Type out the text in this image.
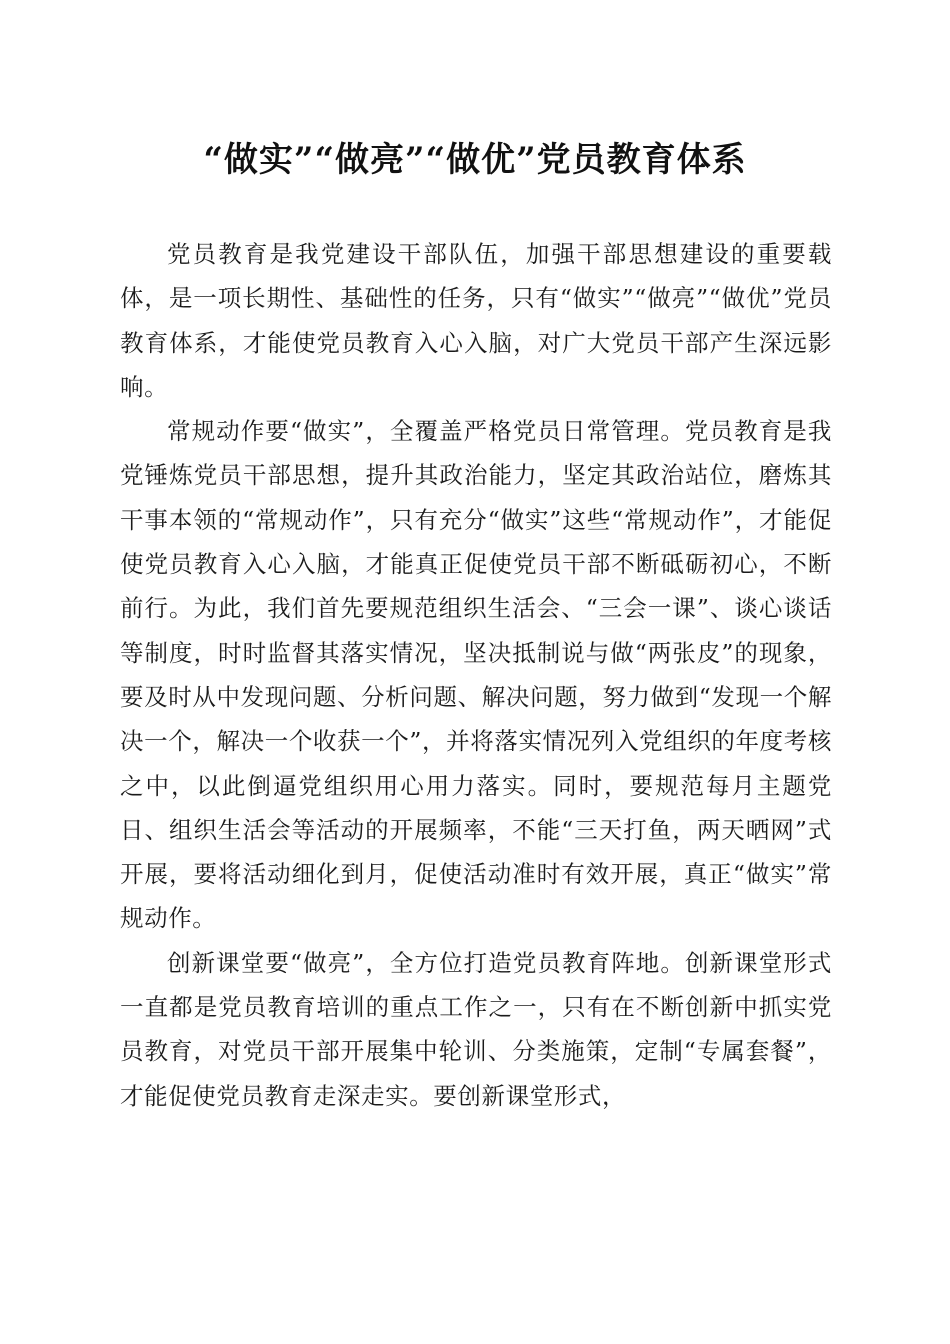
“做实”“做亮”“做优”党员教育体系

党员教育是我党建设干部队伍，加强干部思想建设的重要载体，是一项长期性、基础性的任务，只有“做实”“做亮”“做优”党员教育体系，才能使党员教育入心入脑，对广大党员干部产生深远影响。

常规动作要“做实”，全覆盖严格党员日常管理。党员教育是我党锤炼党员干部思想，提升其政治能力，坚定其政治站位，磨炼其干事本领的“常规动作”，只有充分“做实”这些“常规动作”，才能促使党员教育入心入脑，才能真正促使党员干部不断砥砺初心，不断前行。为此，我们首先要规范组织生活会、“三会一课”、谈心谈话等制度，时时监督其落实情况，坚决抵制说与做“两张皮”的现象，要及时从中发现问题、分析问题、解决问题，努力做到“发现一个解决一个，解决一个收获一个”，并将落实情况列入党组织的年度考核之中，以此倒逼党组织用心用力落实。同时，要规范每月主题党日、组织生活会等活动的开展频率，不能“三天打鱼，两天晒网”式开展，要将活动细化到月，促使活动准时有效开展，真正“做实”常规动作。

创新课堂要“做亮”，全方位打造党员教育阵地。创新课堂形式一直都是党员教育培训的重点工作之一，只有在不断创新中抓实党员教育，对党员干部开展集中轮训、分类施策，定制“专属套餐”，才能促使党员教育走深走实。要创新课堂形式，
